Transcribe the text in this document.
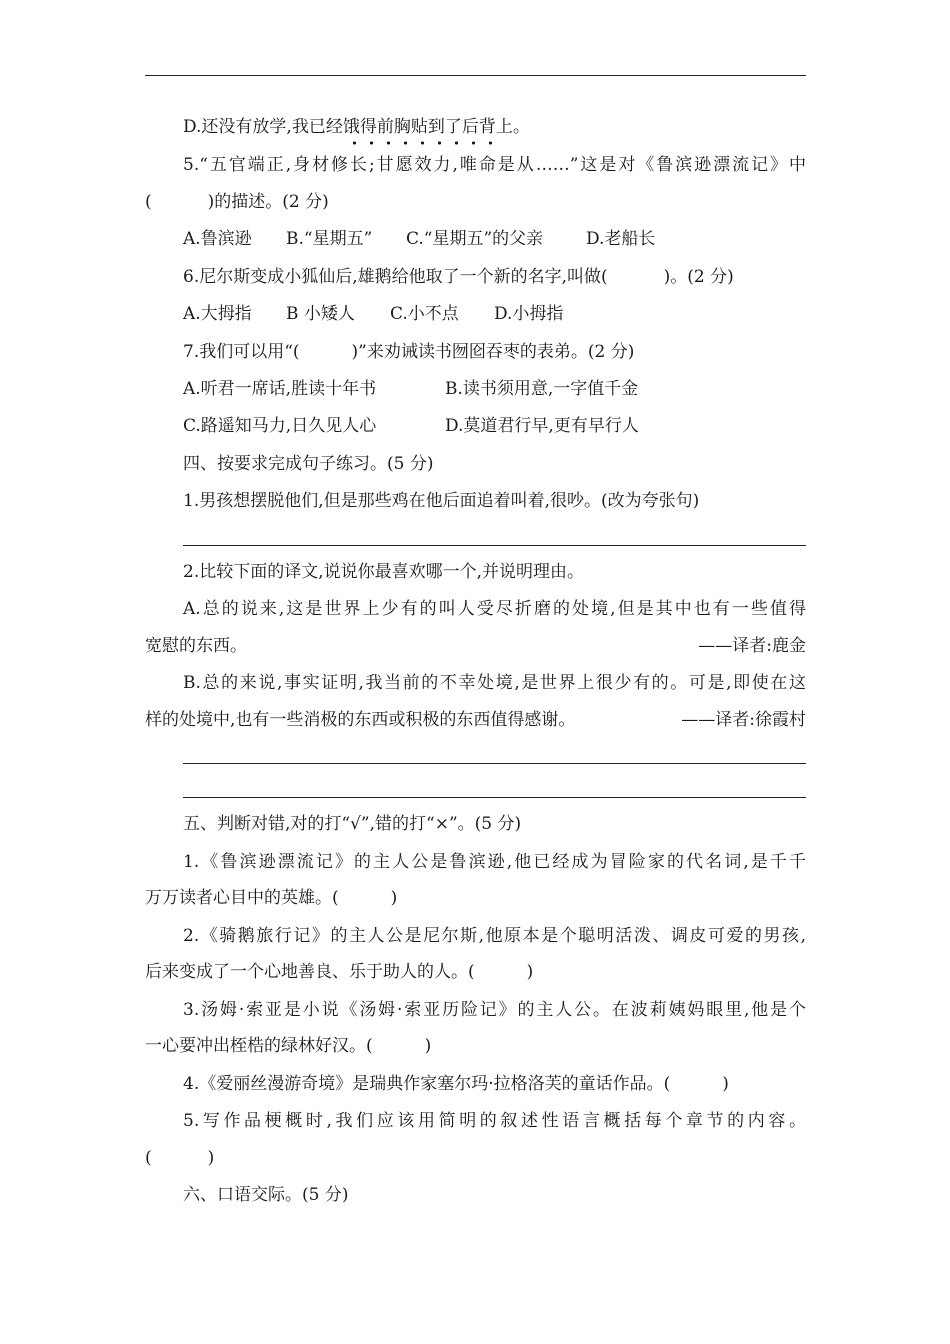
D.还没有放学,我已经饿得前胸贴到了后背上。
5.“五官端正,身材修长;甘愿效力,唯命是从……”这是对《鲁滨逊漂流记》中
(	)的描述。(2 分)
A.鲁滨逊 B.“星期五” C.“星期五”的父亲	D.老船长
6.尼尔斯变成小狐仙后,雄鹅给他取了一个新的名字,叫做(	)。(2 分)
A.大拇指 B 小矮人 C.小不点 D.小拇指
7.我们可以用“(	)”来劝诫读书囫囵吞枣的表弟。(2 分)
A.听君一席话,胜读十年书	B.读书须用意,一字值千金
C.路遥知马力,日久见人心	D.莫道君行早,更有早行人
四、按要求完成句子练习。(5 分)
1.男孩想摆脱他们,但是那些鸡在他后面追着叫着,很吵。(改为夸张句)
2.比较下面的译文,说说你最喜欢哪一个,并说明理由。
A.总的说来,这是世界上少有的叫人受尽折磨的处境,但是其中也有一些值得
宽慰的东西。	——译者:鹿金
B.总的来说,事实证明,我当前的不幸处境,是世界上很少有的。可是,即使在这
样的处境中,也有一些消极的东西或积极的东西值得感谢。	——译者:徐霞村
五、判断对错,对的打“√”,错的打“×”。(5 分)
1.《鲁滨逊漂流记》的主人公是鲁滨逊,他已经成为冒险家的代名词,是千千
万万读者心目中的英雄。(	)
2.《骑鹅旅行记》的主人公是尼尔斯,他原本是个聪明活泼、调皮可爱的男孩,
后来变成了一个心地善良、乐于助人的人。(	)
3.汤姆·索亚是小说《汤姆·索亚历险记》的主人公。在波莉姨妈眼里,他是个
一心要冲出桎梏的绿林好汉。(	)
4.《爱丽丝漫游奇境》是瑞典作家塞尔玛·拉格洛芙的童话作品。(	)
5.写作品梗概时,我们应该用简明的叙述性语言概括每个章节的内容。
(	)
六、口语交际。(5 分)
